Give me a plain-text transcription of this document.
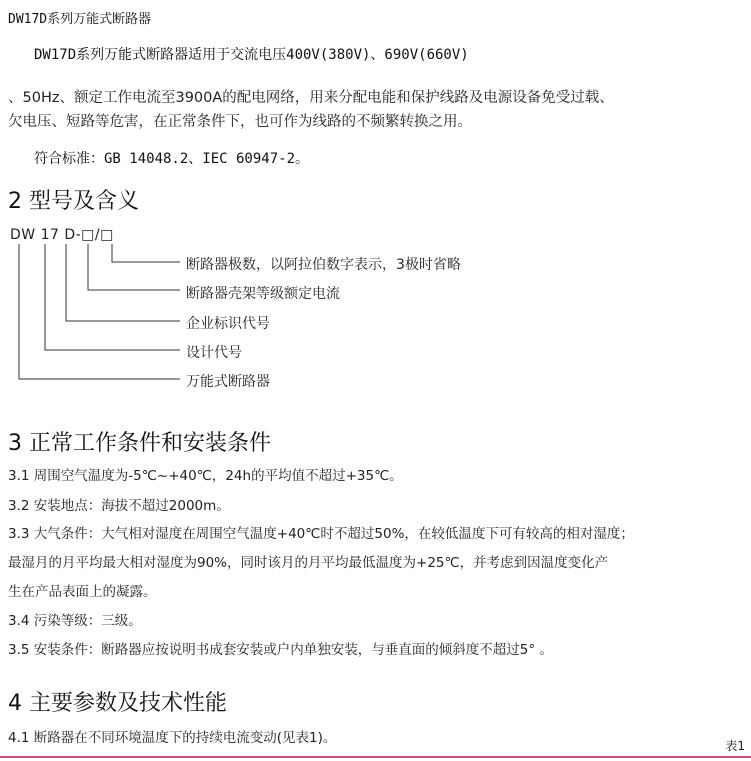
DW17D系列万能式断路器
DW17D系列万能式断路器适用于交流电压400V(380V)、690V(660V)
、50Hz、额定工作电流至3900A的配电网络，用来分配电能和保护线路及电源设备免受过载、
欠电压、短路等危害，在正常条件下，也可作为线路的不频繁转换之用。
符合标准：GB 14048.2、IEC 60947-2。
2 型号及含义
DW 17 D-□/□
断路器极数，以阿拉伯数字表示，3极时省略
断路器壳架等级额定电流
企业标识代号
设计代号
万能式断路器
3 正常工作条件和安装条件
3.1 周围空气温度为-5℃~+40℃，24h的平均值不超过+35℃。
3.2 安装地点：海拔不超过2000m。
3.3 大气条件：大气相对湿度在周围空气温度+40℃时不超过50%，在较低温度下可有较高的相对湿度；
最湿月的月平均最大相对湿度为90%，同时该月的月平均最低温度为+25℃，并考虑到因温度变化产
生在产品表面上的凝露。
3.4 污染等级：三级。
3.5 安装条件：断路器应按说明书成套安装或户内单独安装，与垂直面的倾斜度不超过5° 。
4 主要参数及技术性能
4.1 断路器在不同环境温度下的持续电流变动(见表1)。	表1
